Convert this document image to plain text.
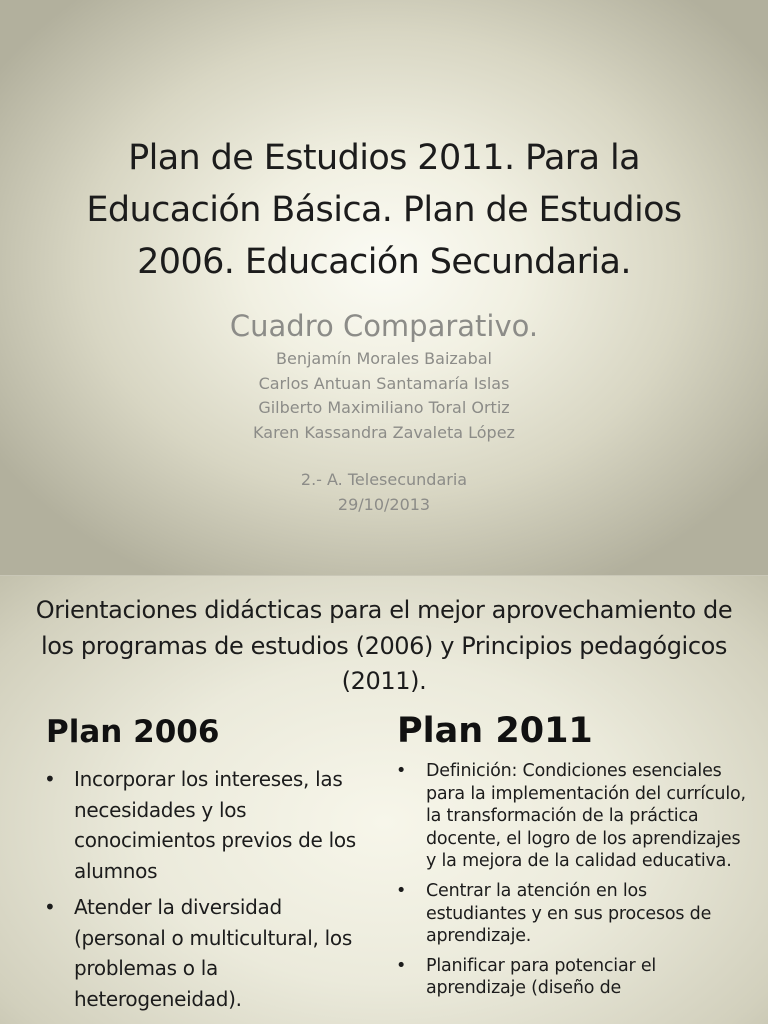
Plan de Estudios 2011. Para la Educación Básica. Plan de Estudios 2006. Educación Secundaria.
Cuadro Comparativo.
Benjamín Morales Baizabal
Carlos Antuan Santamaría Islas
Gilberto Maximiliano Toral Ortiz
Karen Kassandra Zavaleta López
2.- A. Telesecundaria
29/10/2013
Orientaciones didácticas para el mejor aprovechamiento de los programas de estudios (2006) y Principios pedagógicos (2011).
Plan 2006	Plan 2011
• Incorporar los intereses, las necesidades y los conocimientos previos de los alumnos
• Atender la diversidad (personal o multicultural, los problemas o la heterogeneidad).
• Definición: Condiciones esenciales para la implementación del currículo, la transformación de la práctica docente, el logro de los aprendizajes y la mejora de la calidad educativa.
• Centrar la atención en los estudiantes y en sus procesos de aprendizaje.
• Planificar para potenciar el aprendizaje (diseño de
